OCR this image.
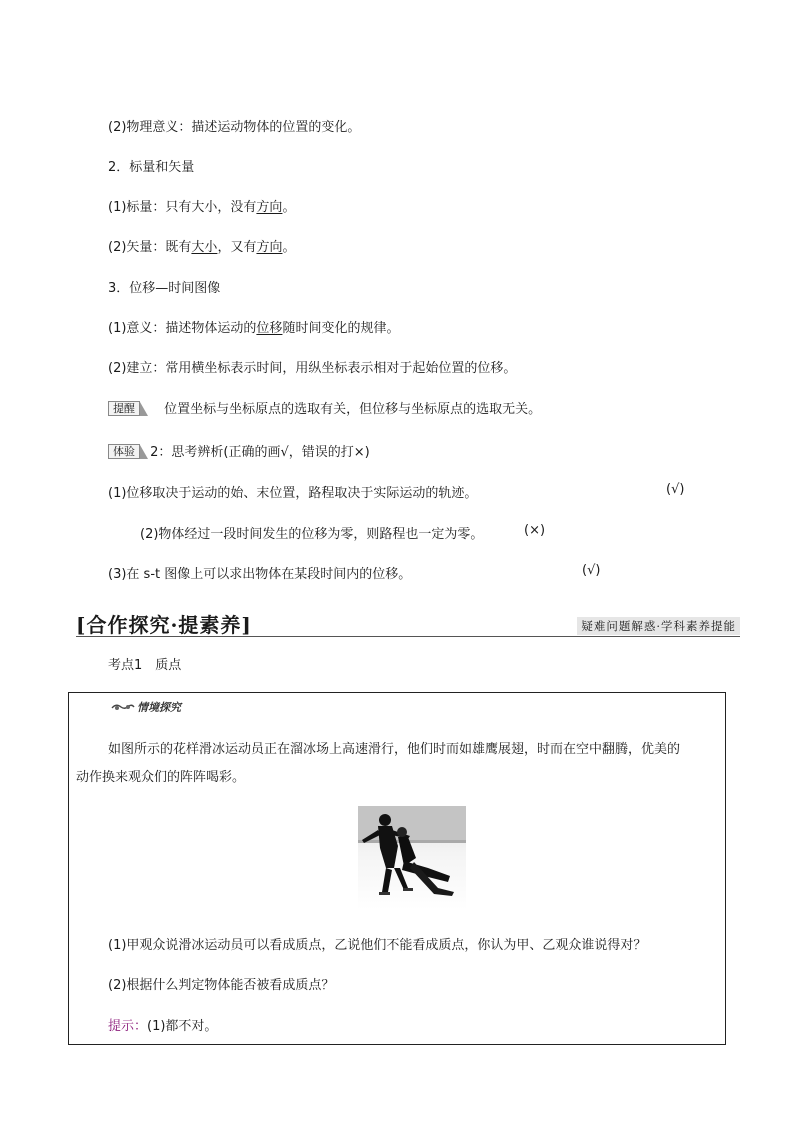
(2)物理意义：描述运动物体的位置的变化。
2．标量和矢量
(1)标量：只有大小，没有方向。
(2)矢量：既有大小，又有方向。
3．位移—时间图像
(1)意义：描述物体运动的位移随时间变化的规律。
(2)建立：常用横坐标表示时间，用纵坐标表示相对于起始位置的位移。
提醒 位置坐标与坐标原点的选取有关，但位移与坐标原点的选取无关。
体验 2：思考辨析(正确的画√，错误的打×)
(1)位移取决于运动的始、末位置，路程取决于实际运动的轨迹。	(√)
(2)物体经过一段时间发生的位移为零，则路程也一定为零。	(×)
(3)在 s-t 图像上可以求出物体在某段时间内的位移。	(√)
[合作探究·提素养]	疑难问题解惑·学科素养提能
考点1　质点
情境探究
如图所示的花样滑冰运动员正在溜冰场上高速滑行，他们时而如雄鹰展翅，时而在空中翻腾，优美的
动作换来观众们的阵阵喝彩。
(1)甲观众说滑冰运动员可以看成质点，乙说他们不能看成质点，你认为甲、乙观众谁说得对？
(2)根据什么判定物体能否被看成质点？
提示：(1)都不对。
